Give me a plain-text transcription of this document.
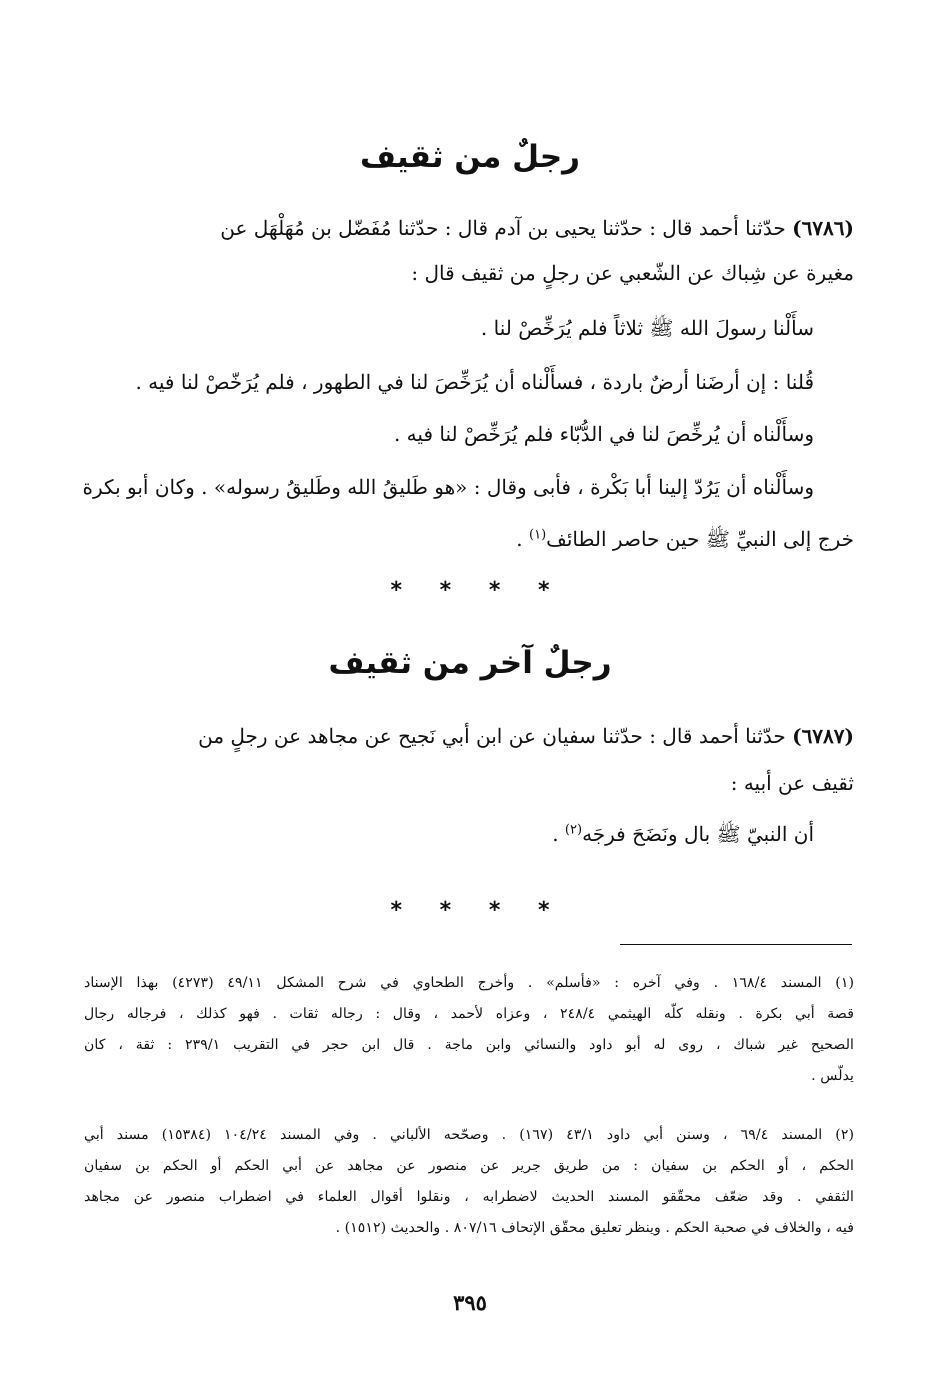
رجلٌ من ثقيف

(٦٧٨٦) حدّثنا أحمد قال : حدّثنا يحيى بن آدم قال : حدّثنا مُفَضّل بن مُهَلْهَل عن

مغيرة عن شِباك عن الشّعبي عن رجلٍ من ثقيف قال :

سأَلْنا رسولَ الله ﷺ ثلاثاً فلم يُرَخِّصْ لنا .

قُلنا : إن أرضَنا أرضٌ باردة ، فسأَلْناه أن يُرَخِّصَ لنا في الطهور ، فلم يُرَخّصْ لنا فيه .

وسأَلْناه أن يُرخِّصَ لنا في الدُّبّاء فلم يُرَخِّصْ لنا فيه .

وسأَلْناه أن يَرُدّ إلينا أبا بَكْرة ، فأبى وقال : «هو طَليقُ الله وطَليقُ رسوله» . وكان أبو بكرة

خرج إلى النبيِّ ﷺ حين حاصر الطائف$^{(١)}$ .

* * * *

رجلٌ آخر من ثقيف

(٦٧٨٧) حدّثنا أحمد قال : حدّثنا سفيان عن ابن أبي نَجيح عن مجاهد عن رجلٍ من

ثقيف عن أبيه :

أن النبيّ ﷺ بال ونَضَحَ فرجَه$^{(٢)}$ .

* * * *

(١) المسند ١٦٨/٤ . وفي آخره : «فأسلم» . وأخرج الطحاوي في شرح المشكل ٤٩/١١ (٤٢٧٣) بهذا الإسناد
قصة أبي بكرة . ونقله كلّه الهيثمي ٢٤٨/٤ ، وعزاه لأحمد ، وقال : رجاله ثقات . فهو كذلك ، فرجاله رجال
الصحيح غير شباك ، روى له أبو داود والنسائي وابن ماجة . قال ابن حجر في التقريب ٢٣٩/١ : ثقة ، كان
يدلّس .
(٢) المسند ٦٩/٤ ، وسنن أبي داود ٤٣/١ (١٦٧) . وصحّحه الألباني . وفي المسند ١٠٤/٢٤ (١٥٣٨٤) مسند أبي
الحكم ، أو الحكم بن سفيان : من طريق جرير عن منصور عن مجاهد عن أبي الحكم أو الحكم بن سفيان
الثقفي . وقد ضعّف محقّقو المسند الحديث لاضطرابه ، ونقلوا أقوال العلماء في اضطراب منصور عن مجاهد
فيه ، والخلاف في صحبة الحكم . وينظر تعليق محقّق الإتحاف ٨٠٧/١٦ . والحديث (١٥١٢) .

٣٩٥
